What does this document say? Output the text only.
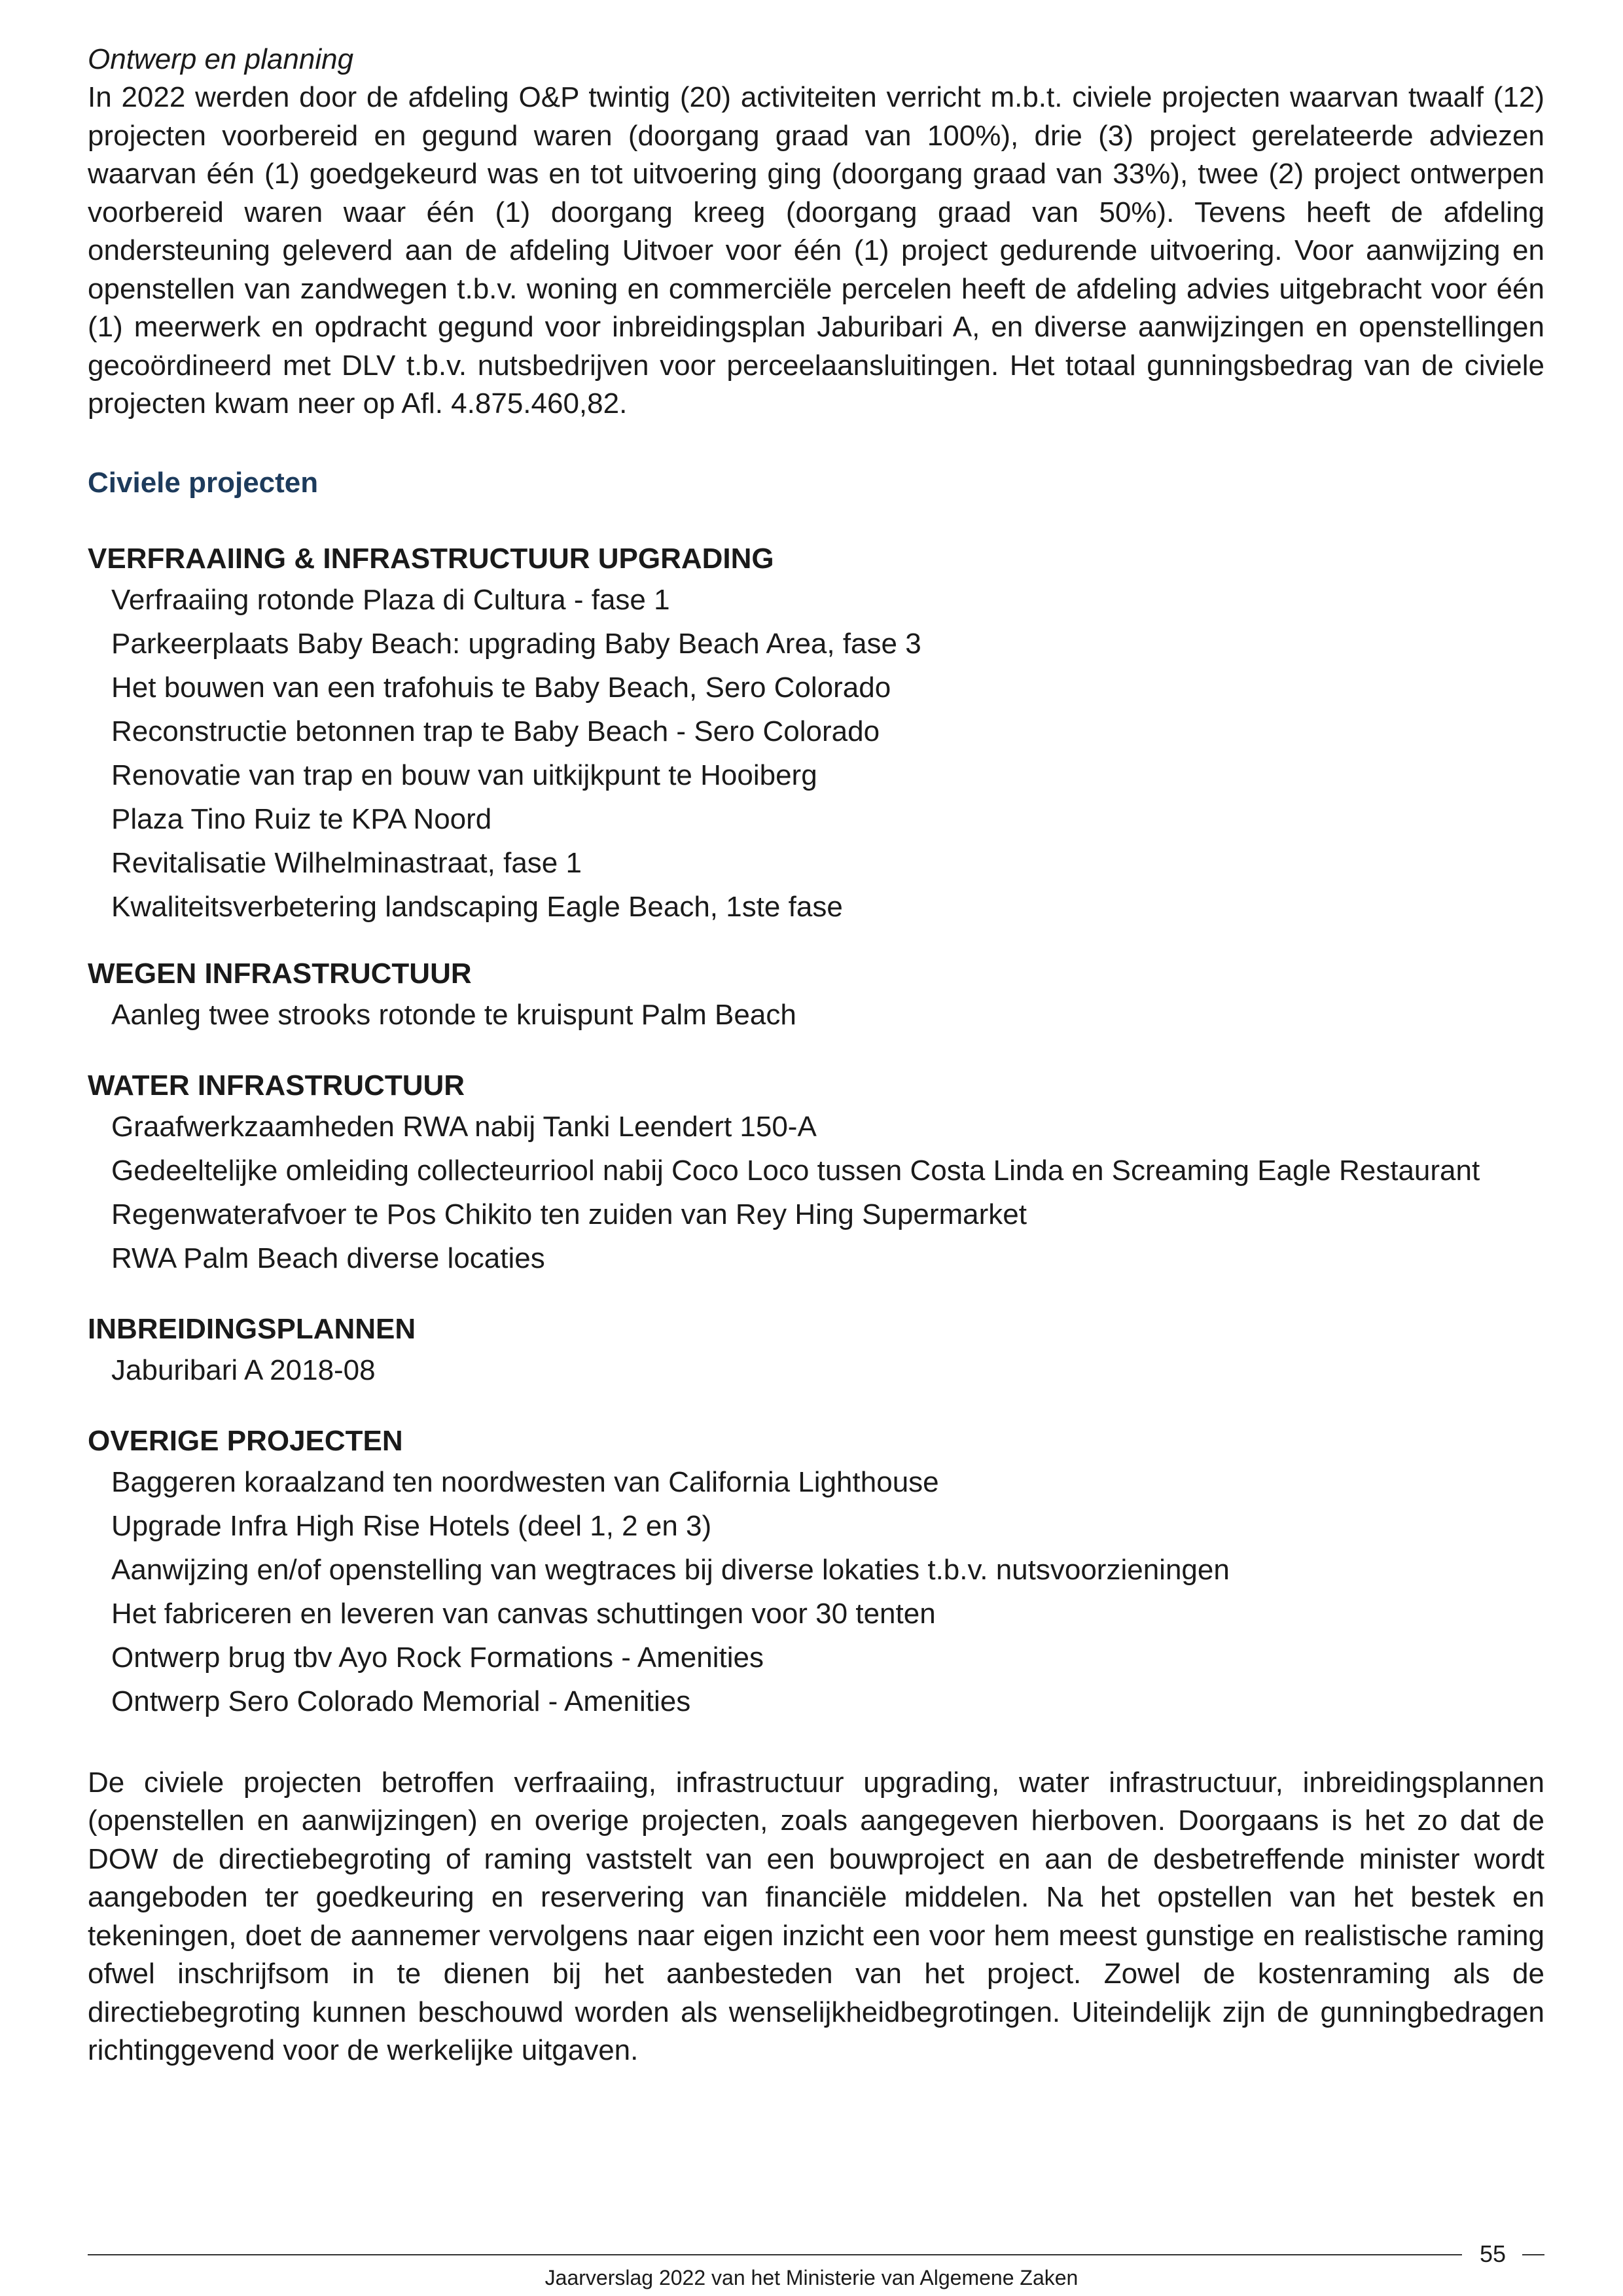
Ontwerp en planning

In 2022 werden door de afdeling O&P twintig (20) activiteiten verricht m.b.t. civiele projecten waarvan twaalf (12) projecten voorbereid en gegund waren (doorgang graad van 100%), drie (3) project gerelateerde adviezen waarvan één (1) goedgekeurd was en tot uitvoering ging (doorgang graad van 33%), twee (2) project ontwerpen voorbereid waren waar één (1) doorgang kreeg (doorgang graad van 50%). Tevens heeft de afdeling ondersteuning geleverd aan de afdeling Uitvoer voor één (1) project gedurende uitvoering. Voor aanwijzing en openstellen van zandwegen t.b.v. woning en commerciële percelen heeft de afdeling advies uitgebracht voor één (1) meerwerk en opdracht gegund voor inbreidingsplan Jaburibari A, en diverse aanwijzingen en openstellingen gecoördineerd met DLV t.b.v. nutsbedrijven voor perceelaansluitingen. Het totaal gunningsbedrag van de civiele projecten kwam neer op Afl. 4.875.460,82.

Civiele projecten
VERFRAAIING & INFRASTRUCTUUR UPGRADING
Verfraaiing rotonde Plaza di Cultura - fase 1
Parkeerplaats Baby Beach: upgrading Baby Beach Area, fase 3
Het bouwen van een trafohuis te Baby Beach, Sero Colorado
Reconstructie betonnen trap te Baby Beach - Sero Colorado
Renovatie van trap en bouw van uitkijkpunt te Hooiberg
Plaza Tino Ruiz te KPA Noord
Revitalisatie Wilhelminastraat, fase 1
Kwaliteitsverbetering landscaping Eagle Beach, 1ste fase
WEGEN INFRASTRUCTUUR
Aanleg twee strooks rotonde te kruispunt Palm Beach
WATER INFRASTRUCTUUR
Graafwerkzaamheden RWA nabij Tanki Leendert 150-A
Gedeeltelijke omleiding collecteurriool nabij Coco Loco tussen Costa Linda en Screaming Eagle Restaurant
Regenwaterafvoer te Pos Chikito ten zuiden van Rey Hing Supermarket
RWA Palm Beach diverse locaties
INBREIDINGSPLANNEN
Jaburibari A 2018-08
OVERIGE PROJECTEN
Baggeren koraalzand ten noordwesten van California Lighthouse
Upgrade Infra High Rise Hotels (deel 1, 2 en 3)
Aanwijzing en/of openstelling van wegtraces bij diverse lokaties t.b.v. nutsvoorzieningen
Het fabriceren en leveren van canvas schuttingen voor 30 tenten
Ontwerp brug tbv Ayo Rock Formations - Amenities
Ontwerp Sero Colorado Memorial - Amenities

De civiele projecten betroffen verfraaiing, infrastructuur upgrading, water infrastructuur, inbreidingsplannen (openstellen en aanwijzingen) en overige projecten, zoals aangegeven hierboven. Doorgaans is het zo dat de DOW de directiebegroting of raming vaststelt van een bouwproject en aan de desbetreffende minister wordt aangeboden ter goedkeuring en reservering van financiële middelen. Na het opstellen van het bestek en tekeningen, doet de aannemer vervolgens naar eigen inzicht een voor hem meest gunstige en realistische raming ofwel inschrijfsom in te dienen bij het aanbesteden van het project. Zowel de kostenraming als de directiebegroting kunnen beschouwd worden als wenselijkheidbegrotingen. Uiteindelijk zijn de gunningbedragen richtinggevend voor de werkelijke uitgaven.

55
Jaarverslag 2022 van het Ministerie van Algemene Zaken
